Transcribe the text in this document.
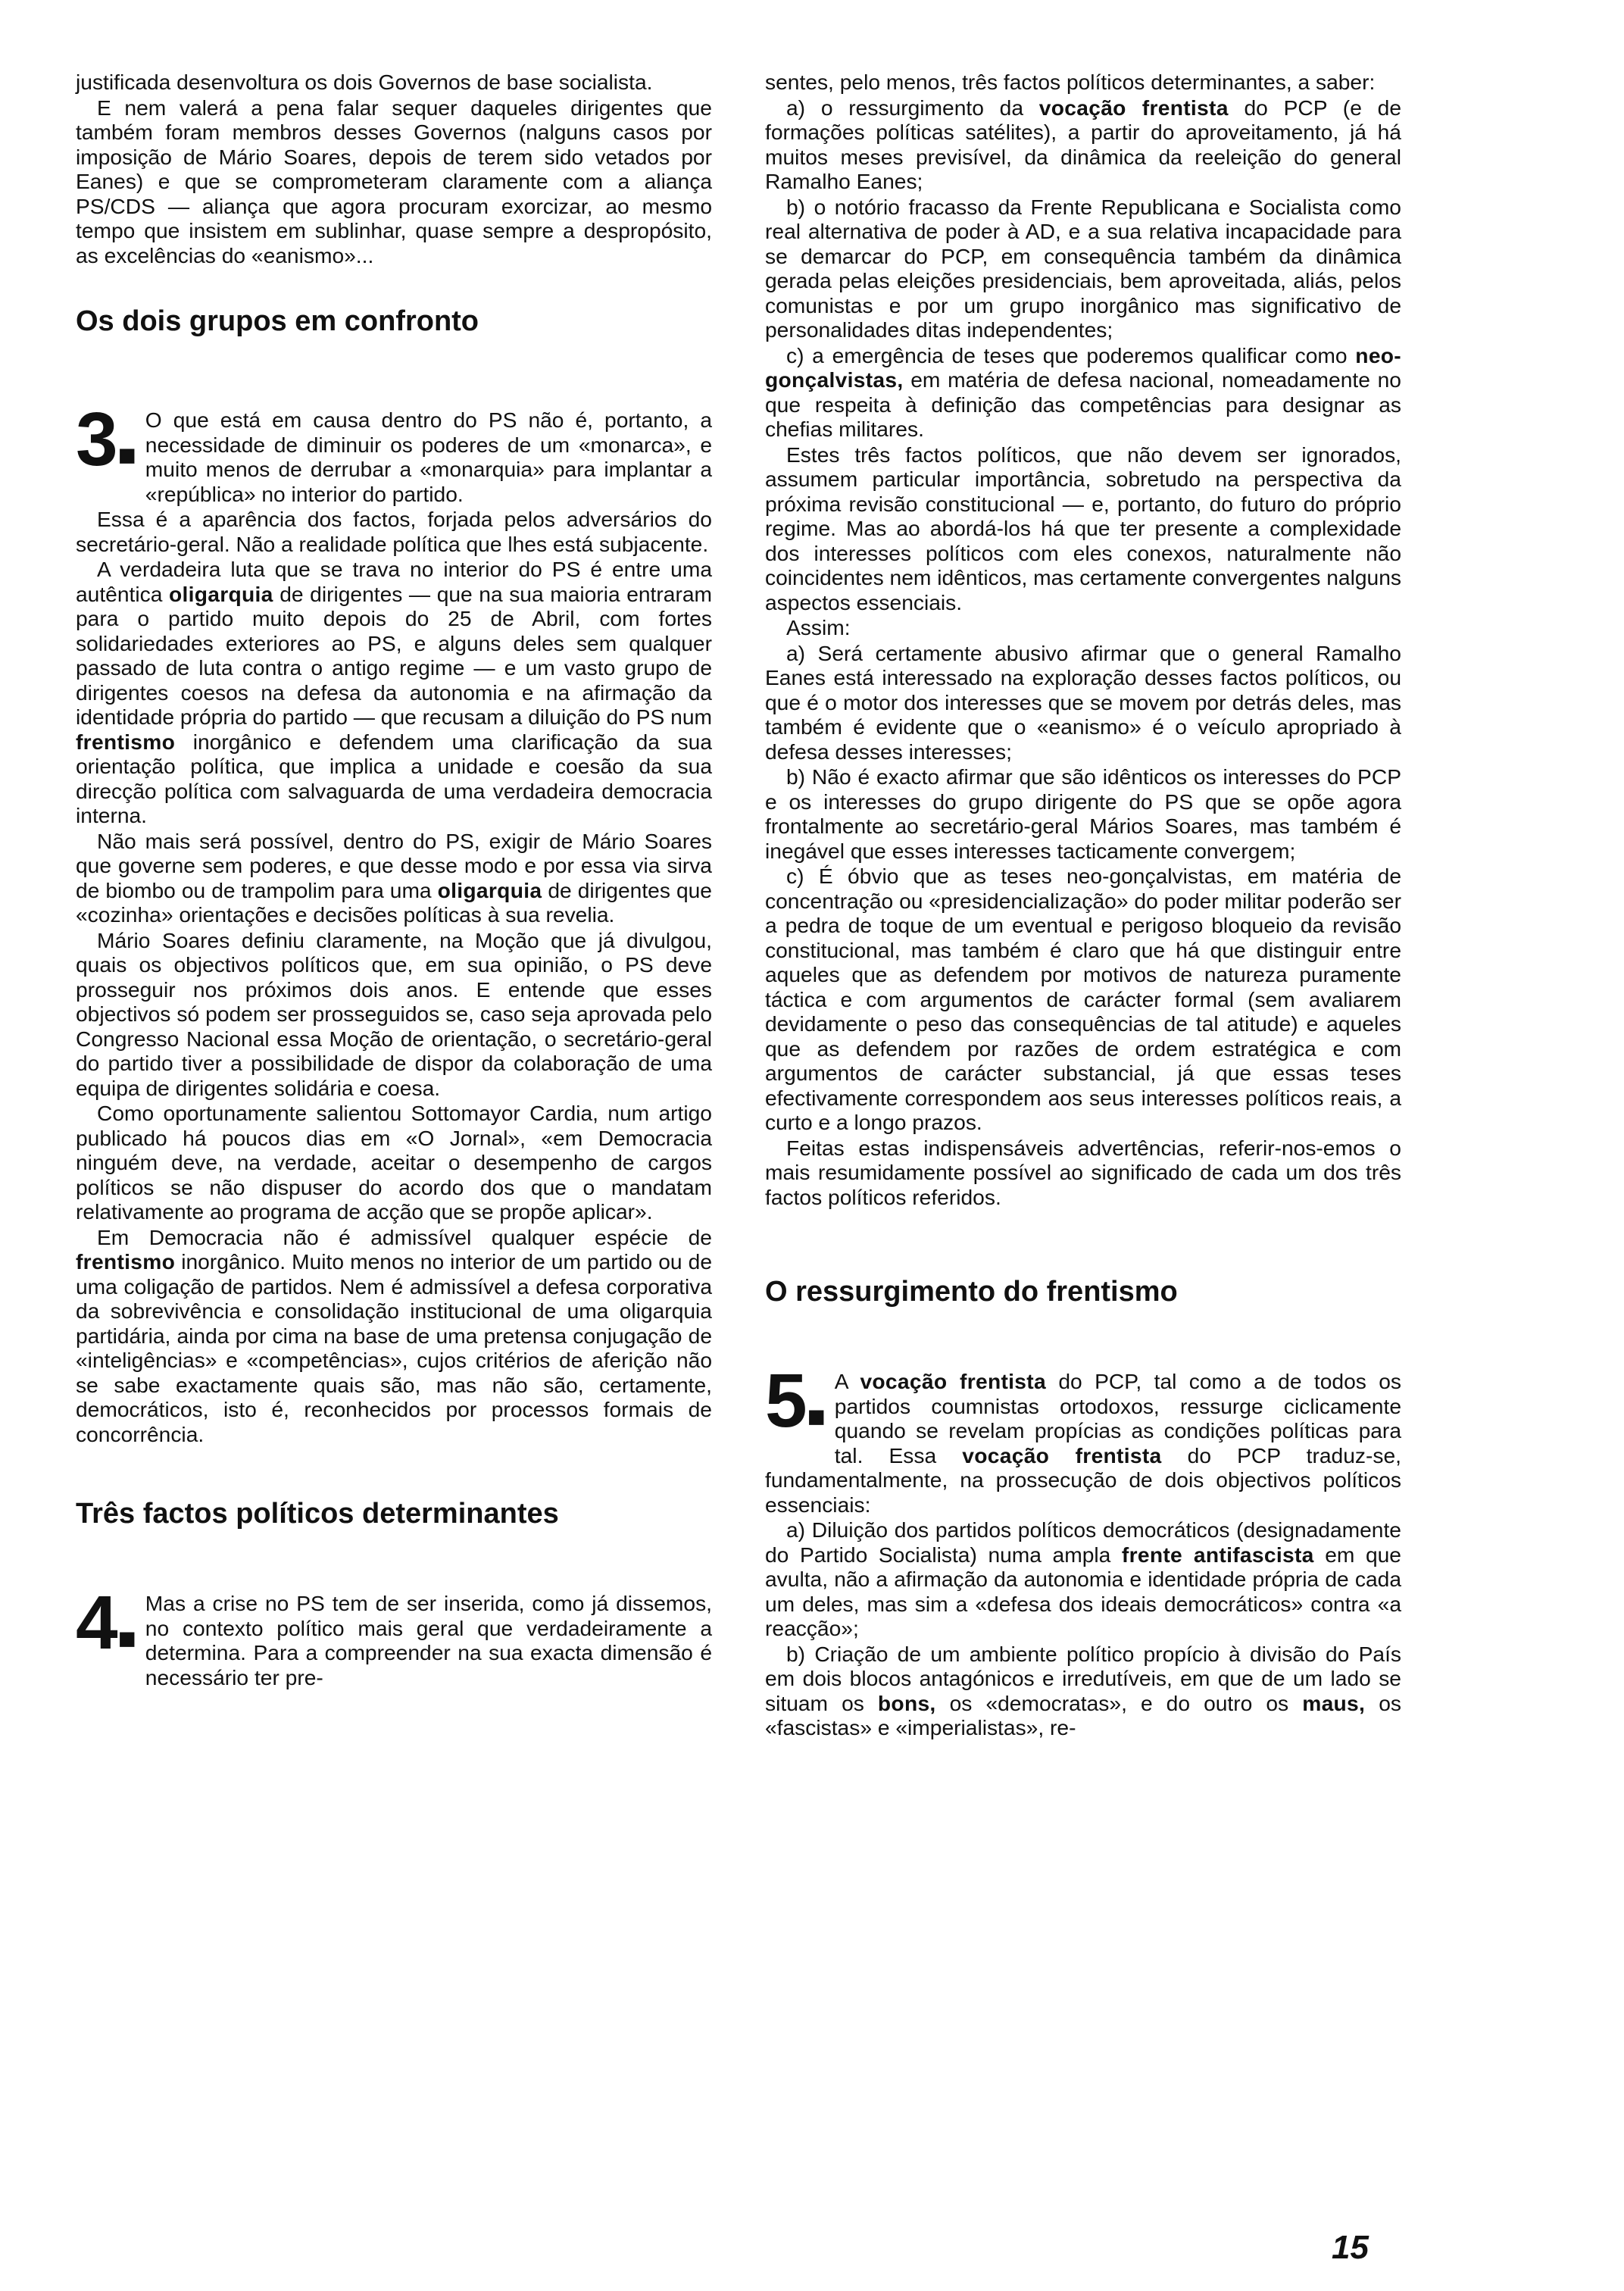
justificada desenvoltura os dois Governos de base socialista.

E nem valerá a pena falar sequer daqueles dirigentes que também foram membros desses Governos (nalguns casos por imposição de Mário Soares, depois de terem sido vetados por Eanes) e que se comprometeram claramente com a aliança PS/CDS — aliança que agora procuram exorcizar, ao mesmo tempo que insistem em sublinhar, quase sempre a despropósito, as excelências do «eanismo»...

Os dois grupos em confronto
3■

O que está em causa dentro do PS não é, portanto, a necessidade de diminuir os poderes de um «monarca», e muito menos de derrubar a «monarquia» para implantar a «república» no interior do partido.

Essa é a aparência dos factos, forjada pelos adversários do secretário-geral. Não a realidade política que lhes está subjacente.

A verdadeira luta que se trava no interior do PS é entre uma autêntica oligarquia de dirigentes — que na sua maioria entraram para o partido muito depois do 25 de Abril, com fortes solidariedades exteriores ao PS, e alguns deles sem qualquer passado de luta contra o antigo regime — e um vasto grupo de dirigentes coesos na defesa da autonomia e na afirmação da identidade própria do partido — que recusam a diluição do PS num frentismo inorgânico e defendem uma clarificação da sua orientação política, que implica a unidade e coesão da sua direcção política com salvaguarda de uma verdadeira democracia interna.

Não mais será possível, dentro do PS, exigir de Mário Soares que governe sem poderes, e que desse modo e por essa via sirva de biombo ou de trampolim para uma oligarquia de dirigentes que «cozinha» orientações e decisões políticas à sua revelia.

Mário Soares definiu claramente, na Moção que já divulgou, quais os objectivos políticos que, em sua opinião, o PS deve prosseguir nos próximos dois anos. E entende que esses objectivos só podem ser prosseguidos se, caso seja aprovada pelo Congresso Nacional essa Moção de orientação, o secretário-geral do partido tiver a possibilidade de dispor da colaboração de uma equipa de dirigentes solidária e coesa.

Como oportunamente salientou Sottomayor Cardia, num artigo publicado há poucos dias em «O Jornal», «em Democracia ninguém deve, na verdade, aceitar o desempenho de cargos políticos se não dispuser do acordo dos que o mandatam relativamente ao programa de acção que se propõe aplicar».

Em Democracia não é admissível qualquer espécie de frentismo inorgânico. Muito menos no interior de um partido ou de uma coligação de partidos. Nem é admissível a defesa corporativa da sobrevivência e consolidação institucional de uma oligarquia partidária, ainda por cima na base de uma pretensa conjugação de «inteligências» e «competências», cujos critérios de aferição não se sabe exactamente quais são, mas não são, certamente, democráticos, isto é, reconhecidos por processos formais de concorrência.

Três factos políticos determinantes
4■

Mas a crise no PS tem de ser inserida, como já dissemos, no contexto político mais geral que verdadeiramente a determina. Para a compreender na sua exacta dimensão é necessário ter pre-

sentes, pelo menos, três factos políticos determinantes, a saber:

a) o ressurgimento da vocação frentista do PCP (e de formações políticas satélites), a partir do aproveitamento, já há muitos meses previsível, da dinâmica da reeleição do general Ramalho Eanes;

b) o notório fracasso da Frente Republicana e Socialista como real alternativa de poder à AD, e a sua relativa incapacidade para se demarcar do PCP, em consequência também da dinâmica gerada pelas eleições presidenciais, bem aproveitada, aliás, pelos comunistas e por um grupo inorgânico mas significativo de personalidades ditas independentes;

c) a emergência de teses que poderemos qualificar como neo-gonçalvistas, em matéria de defesa nacional, nomeadamente no que respeita à definição das competências para designar as chefias militares.

Estes três factos políticos, que não devem ser ignorados, assumem particular importância, sobretudo na perspectiva da próxima revisão constitucional — e, portanto, do futuro do próprio regime. Mas ao abordá-los há que ter presente a complexidade dos interesses políticos com eles conexos, naturalmente não coincidentes nem idênticos, mas certamente convergentes nalguns aspectos essenciais.

Assim:

a) Será certamente abusivo afirmar que o general Ramalho Eanes está interessado na exploração desses factos políticos, ou que é o motor dos interesses que se movem por detrás deles, mas também é evidente que o «eanismo» é o veículo apropriado à defesa desses interesses;

b) Não é exacto afirmar que são idênticos os interesses do PCP e os interesses do grupo dirigente do PS que se opõe agora frontalmente ao secretário-geral Mários Soares, mas também é inegável que esses interesses tacticamente convergem;

c) É óbvio que as teses neo-gonçalvistas, em matéria de concentração ou «presidencialização» do poder militar poderão ser a pedra de toque de um eventual e perigoso bloqueio da revisão constitucional, mas também é claro que há que distinguir entre aqueles que as defendem por motivos de natureza puramente táctica e com argumentos de carácter formal (sem avaliarem devidamente o peso das consequências de tal atitude) e aqueles que as defendem por razões de ordem estratégica e com argumentos de carácter substancial, já que essas teses efectivamente correspondem aos seus interesses políticos reais, a curto e a longo prazos.

Feitas estas indispensáveis advertências, referir-nos-emos o mais resumidamente possível ao significado de cada um dos três factos políticos referidos.

O ressurgimento do frentismo
5■

A vocação frentista do PCP, tal como a de todos os partidos coumnistas ortodoxos, ressurge ciclicamente quando se revelam propícias as condições políticas para tal. Essa vocação frentista do PCP traduz-se, fundamentalmente, na prossecução de dois objectivos políticos essenciais:

a) Diluição dos partidos políticos democráticos (designadamente do Partido Socialista) numa ampla frente antifascista em que avulta, não a afirmação da autonomia e identidade própria de cada um deles, mas sim a «defesa dos ideais democráticos» contra «a reacção»;

b) Criação de um ambiente político propício à divisão do País em dois blocos antagónicos e irredutíveis, em que de um lado se situam os bons, os «democratas», e do outro os maus, os «fascistas» e «imperialistas», re-

15
